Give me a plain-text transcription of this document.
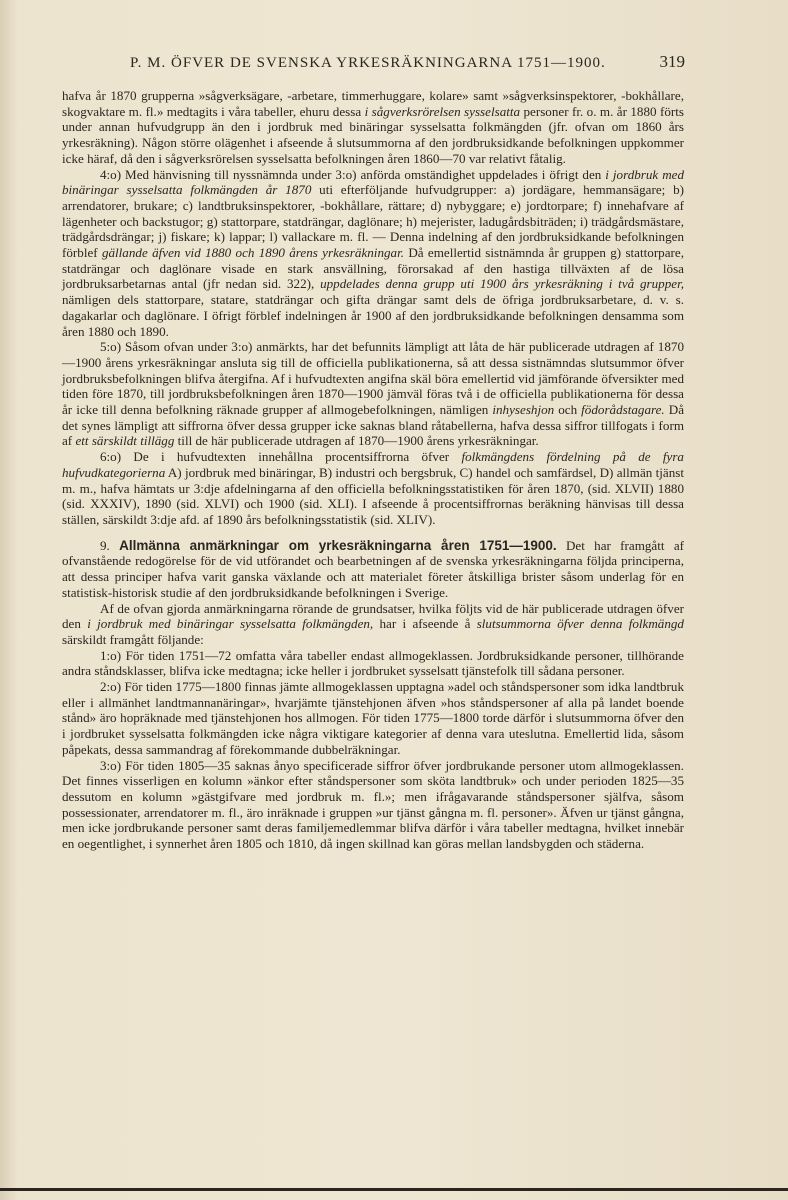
P. M. ÖFVER DE SVENSKA YRKESRÄKNINGARNA 1751—1900.	319

hafva år 1870 grupperna »sågverksägare, -arbetare, timmerhuggare, kolare» samt »sågverksinspektorer, -bokhållare, skogvaktare m. fl.» medtagits i våra tabeller, ehuru dessa i sågverksrörelsen sysselsatta personer fr. o. m. år 1880 förts under annan hufvudgrupp än den i jordbruk med binäringar sysselsatta folkmängden (jfr. ofvan om 1860 års yrkesräkning). Någon större olägenhet i afseende å slutsummorna af den jordbruksidkande befolkningen uppkommer icke häraf, då den i sågverksrörelsen sysselsatta befolkningen åren 1860—70 var relativt fåtalig.

4:o) Med hänvisning till nyssnämnda under 3:o) anförda omständighet uppdelades i öfrigt den i jordbruk med binäringar sysselsatta folkmängden år 1870 uti efterföljande hufvudgrupper: a) jordägare, hemmansägare; b) arrendatorer, brukare; c) landtbruksinspektorer, -bokhållare, rättare; d) nybyggare; e) jordtorpare; f) innehafvare af lägenheter och backstugor; g) stattorpare, statdrängar, daglönare; h) mejerister, ladugårdsbiträden; i) trädgårdsmästare, trädgårdsdrängar; j) fiskare; k) lappar; l) vallackare m. fl. — Denna indelning af den jordbruksidkande befolkningen förblef gällande äfven vid 1880 och 1890 årens yrkesräkningar. Då emellertid sistnämnda år gruppen g) stattorpare, statdrängar och daglönare visade en stark ansvällning, förorsakad af den hastiga tillväxten af de lösa jordbruksarbetarnas antal (jfr nedan sid. 322), uppdelades denna grupp uti 1900 års yrkesräkning i två grupper, nämligen dels stattorpare, statare, statdrängar och gifta drängar samt dels de öfriga jordbruksarbetare, d. v. s. dagakarlar och daglönare. I öfrigt förblef indelningen år 1900 af den jordbruksidkande befolkningen densamma som åren 1880 och 1890.

5:o) Såsom ofvan under 3:o) anmärkts, har det befunnits lämpligt att låta de här publicerade utdragen af 1870—1900 årens yrkesräkningar ansluta sig till de officiella publikationerna, så att dessa sistnämndas slutsummor öfver jordbruksbefolkningen blifva återgifna. Af i hufvudtexten angifna skäl böra emellertid vid jämförande öfversikter med tiden före 1870, till jordbruksbefolkningen åren 1870—1900 jämväl föras två i de officiella publikationerna för dessa år icke till denna befolkning räknade grupper af allmogebefolkningen, nämligen inhyseshjon och födorådstagare. Då det synes lämpligt att siffrorna öfver dessa grupper icke saknas bland råtabellerna, hafva dessa siffror tillfogats i form af ett särskildt tillägg till de här publicerade utdragen af 1870—1900 årens yrkesräkningar.

6:o) De i hufvudtexten innehållna procentsiffrorna öfver folkmängdens fördelning på de fyra hufvudkategorierna A) jordbruk med binäringar, B) industri och bergsbruk, C) handel och samfärdsel, D) allmän tjänst m. m., hafva hämtats ur 3:dje afdelningarna af den officiella befolkningsstatistiken för åren 1870, (sid. XLVII) 1880 (sid. XXXIV), 1890 (sid. XLVI) och 1900 (sid. XLI). I afseende å procentsiffrornas beräkning hänvisas till dessa ställen, särskildt 3:dje afd. af 1890 års befolkningsstatistik (sid. XLIV).

9. Allmänna anmärkningar om yrkesräkningarna åren 1751—1900. Det har framgått af ofvanstående redogörelse för de vid utförandet och bearbetningen af de svenska yrkesräkningarna följda principerna, att dessa principer hafva varit ganska växlande och att materialet företer åtskilliga brister såsom underlag för en statistisk-historisk studie af den jordbruksidkande befolkningen i Sverige.

Af de ofvan gjorda anmärkningarna rörande de grundsatser, hvilka följts vid de här publicerade utdragen öfver den i jordbruk med binäringar sysselsatta folkmängden, har i afseende å slutsummorna öfver denna folkmängd särskildt framgått följande:

1:o) För tiden 1751—72 omfatta våra tabeller endast allmogeklassen. Jordbruksidkande personer, tillhörande andra ståndsklasser, blifva icke medtagna; icke heller i jordbruket sysselsatt tjänstefolk till sådana personer.

2:o) För tiden 1775—1800 finnas jämte allmogeklassen upptagna »adel och ståndspersoner som idka landtbruk eller i allmänhet landtmannanäringar», hvarjämte tjänstehjonen äfven »hos ståndspersoner af alla på landet boende stånd» äro hopräknade med tjänstehjonen hos allmogen. För tiden 1775—1800 torde därför i slutsummorna öfver den i jordbruket sysselsatta folkmängden icke några viktigare kategorier af denna vara uteslutna. Emellertid lida, såsom påpekats, dessa sammandrag af förekommande dubbelräkningar.

3:o) För tiden 1805—35 saknas ånyo specificerade siffror öfver jordbrukande personer utom allmogeklassen. Det finnes visserligen en kolumn »änkor efter ståndspersoner som sköta landtbruk» och under perioden 1825—35 dessutom en kolumn »gästgifvare med jordbruk m. fl.»; men ifrågavarande ståndspersoner själfva, såsom possessionater, arrendatorer m. fl., äro inräknade i gruppen »ur tjänst gångna m. fl. personer». Äfven ur tjänst gångna, men icke jordbrukande personer samt deras familjemedlemmar blifva därför i våra tabeller medtagna, hvilket innebär en oegentlighet, i synnerhet åren 1805 och 1810, då ingen skillnad kan göras mellan landsbygden och städerna.
